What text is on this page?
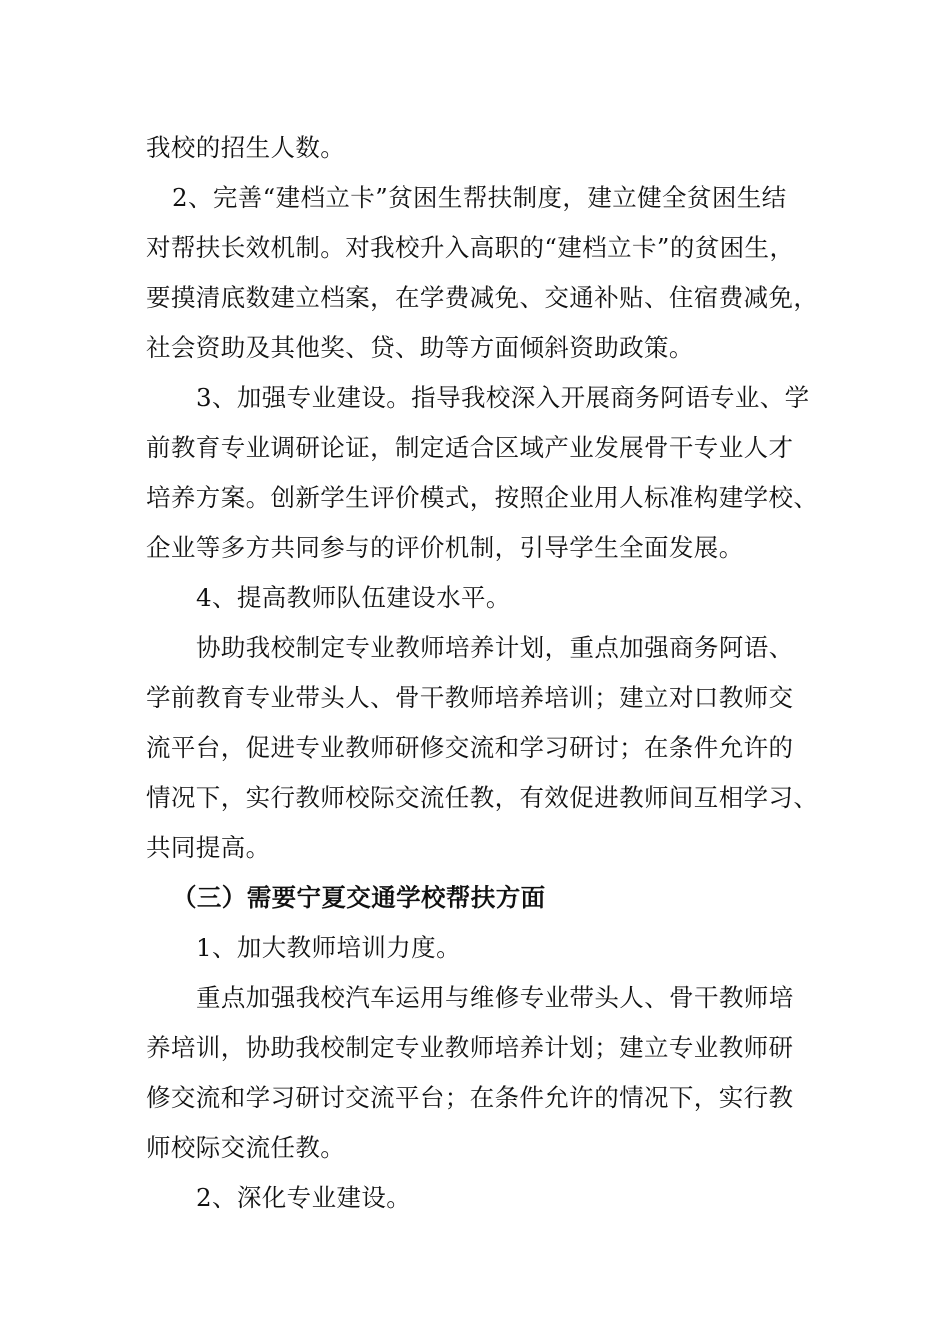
我校的招生人数。
2、完善“建档立卡”贫困生帮扶制度，建立健全贫困生结
对帮扶长效机制。对我校升入高职的“建档立卡”的贫困生，
要摸清底数建立档案，在学费减免、交通补贴、住宿费减免，
社会资助及其他奖、贷、助等方面倾斜资助政策。
3、加强专业建设。指导我校深入开展商务阿语专业、学
前教育专业调研论证，制定适合区域产业发展骨干专业人才
培养方案。创新学生评价模式，按照企业用人标准构建学校、
企业等多方共同参与的评价机制，引导学生全面发展。
4、提高教师队伍建设水平。
协助我校制定专业教师培养计划，重点加强商务阿语、
学前教育专业带头人、骨干教师培养培训；建立对口教师交
流平台，促进专业教师研修交流和学习研讨；在条件允许的
情况下，实行教师校际交流任教，有效促进教师间互相学习、
共同提高。
（三）需要宁夏交通学校帮扶方面
1、加大教师培训力度。
重点加强我校汽车运用与维修专业带头人、骨干教师培
养培训，协助我校制定专业教师培养计划；建立专业教师研
修交流和学习研讨交流平台；在条件允许的情况下，实行教
师校际交流任教。
2、深化专业建设。
